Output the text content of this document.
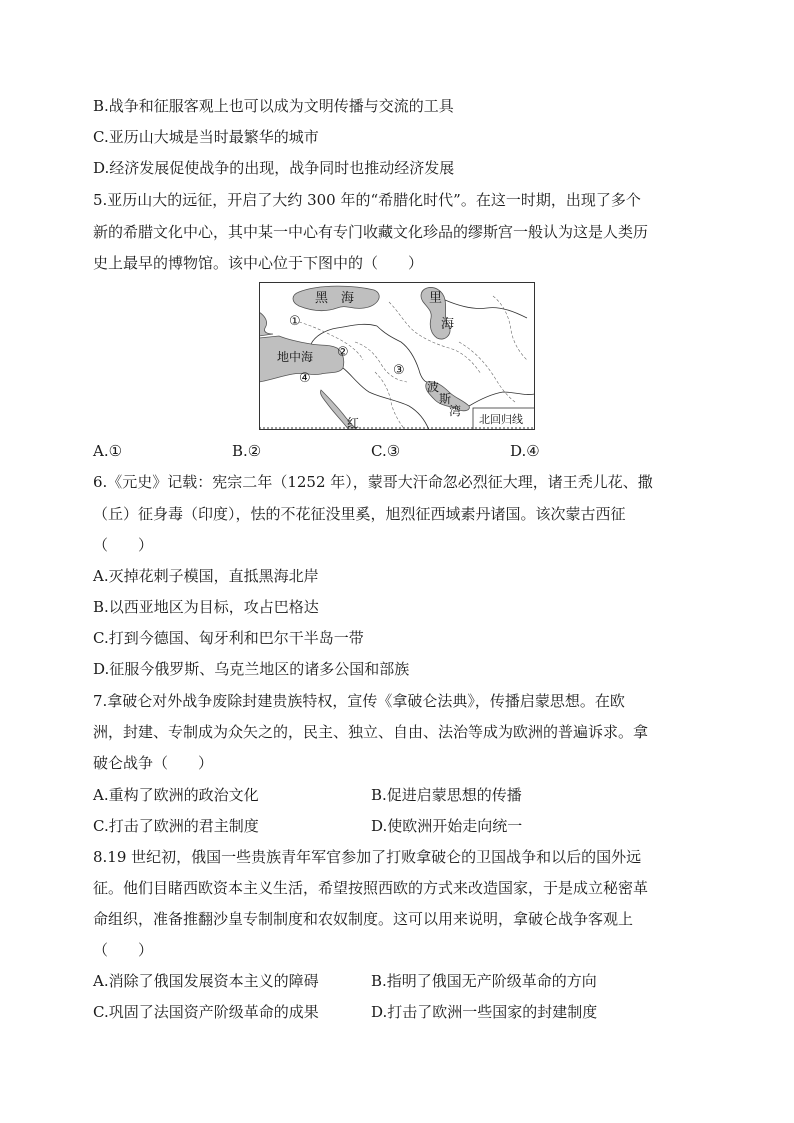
B.战争和征服客观上也可以成为文明传播与交流的工具
C.亚历山大城是当时最繁华的城市
D.经济发展促使战争的出现，战争同时也推动经济发展
5.亚历山大的远征，开启了大约 300 年的“希腊化时代”。在这一时期，出现了多个
新的希腊文化中心，其中某一中心有专门收藏文化珍品的缪斯宫一般认为这是人类历
史上最早的博物馆。该中心位于下图中的（　　）
黑　海	里
海
地中海
波
斯
湾
北回归线
红
①
②
③
④
A.①	B.②	C.③	D.④
6.《元史》记载：宪宗二年（1252 年），蒙哥大汗命忽必烈征大理，诸王秃儿花、撒
（丘）征身毒（印度），怯的不花征没里奚，旭烈征西域素丹诸国。该次蒙古西征
（　　）
A.灭掉花剌子模国，直抵黑海北岸
B.以西亚地区为目标，攻占巴格达
C.打到今德国、匈牙利和巴尔干半岛一带
D.征服今俄罗斯、乌克兰地区的诸多公国和部族
7.拿破仑对外战争废除封建贵族特权，宣传《拿破仑法典》，传播启蒙思想。在欧
洲，封建、专制成为众矢之的，民主、独立、自由、法治等成为欧洲的普遍诉求。拿
破仑战争（　　）
A.重构了欧洲的政治文化	B.促进启蒙思想的传播
C.打击了欧洲的君主制度	D.使欧洲开始走向统一
8.19 世纪初，俄国一些贵族青年军官参加了打败拿破仑的卫国战争和以后的国外远
征。他们目睹西欧资本主义生活，希望按照西欧的方式来改造国家，于是成立秘密革
命组织，准备推翻沙皇专制制度和农奴制度。这可以用来说明，拿破仑战争客观上
（　　）
A.消除了俄国发展资本主义的障碍	B.指明了俄国无产阶级革命的方向
C.巩固了法国资产阶级革命的成果	D.打击了欧洲一些国家的封建制度
